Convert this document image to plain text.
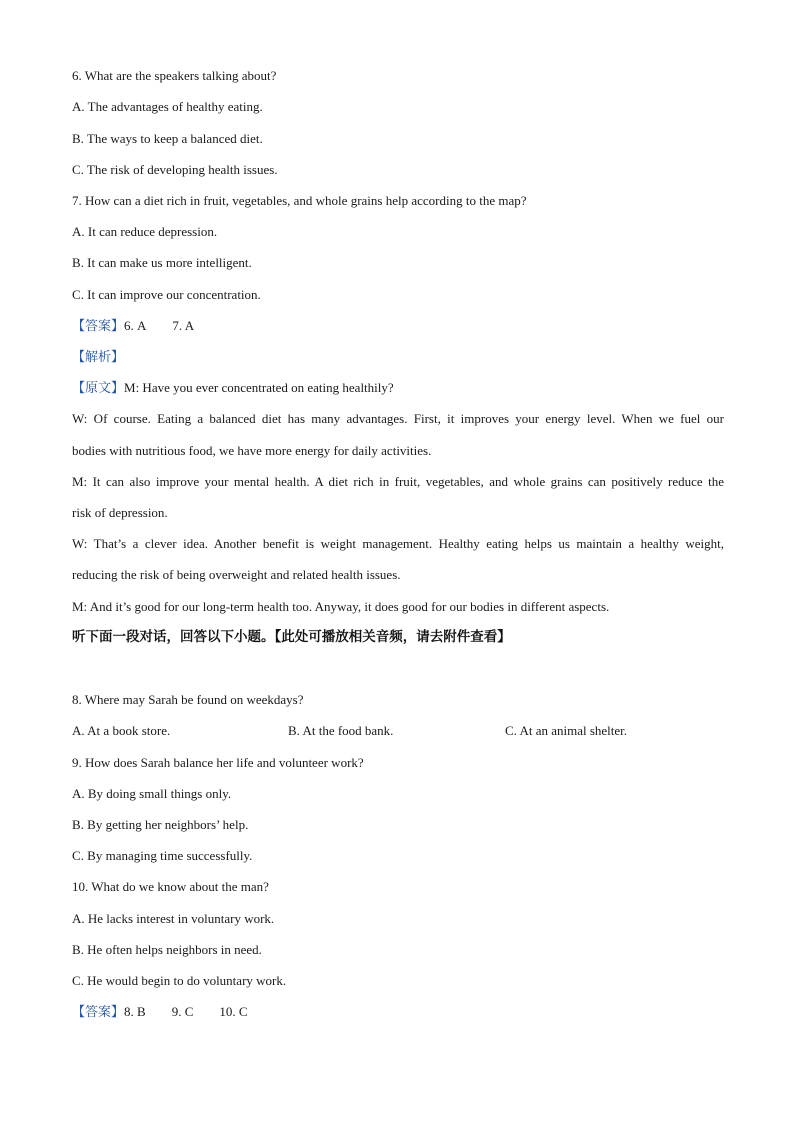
6. What are the speakers talking about?
A. The advantages of healthy eating.
B. The ways to keep a balanced diet.
C. The risk of developing health issues.
7. How can a diet rich in fruit, vegetables, and whole grains help according to the map?
A. It can reduce depression.
B. It can make us more intelligent.
C. It can improve our concentration.
【答案】6. A 7. A
【解析】
【原文】M: Have you ever concentrated on eating healthily?
W: Of course. Eating a balanced diet has many advantages. First, it improves your energy level. When we fuel our
bodies with nutritious food, we have more energy for daily activities.
M: It can also improve your mental health. A diet rich in fruit, vegetables, and whole grains can positively reduce the
risk of depression.
W: That’s a clever idea. Another benefit is weight management. Healthy eating helps us maintain a healthy weight,
reducing the risk of being overweight and related health issues.
M: And it’s good for our long-term health too. Anyway, it does good for our bodies in different aspects.
听下面一段对话，回答以下小题。【此处可播放相关音频，请去附件查看】
8. Where may Sarah be found on weekdays?
A. At a book store.	B. At the food bank.	C. At an animal shelter.
9. How does Sarah balance her life and volunteer work?
A. By doing small things only.
B. By getting her neighbors’ help.
C. By managing time successfully.
10. What do we know about the man?
A. He lacks interest in voluntary work.
B. He often helps neighbors in need.
C. He would begin to do voluntary work.
【答案】8. B 9. C 10. C
